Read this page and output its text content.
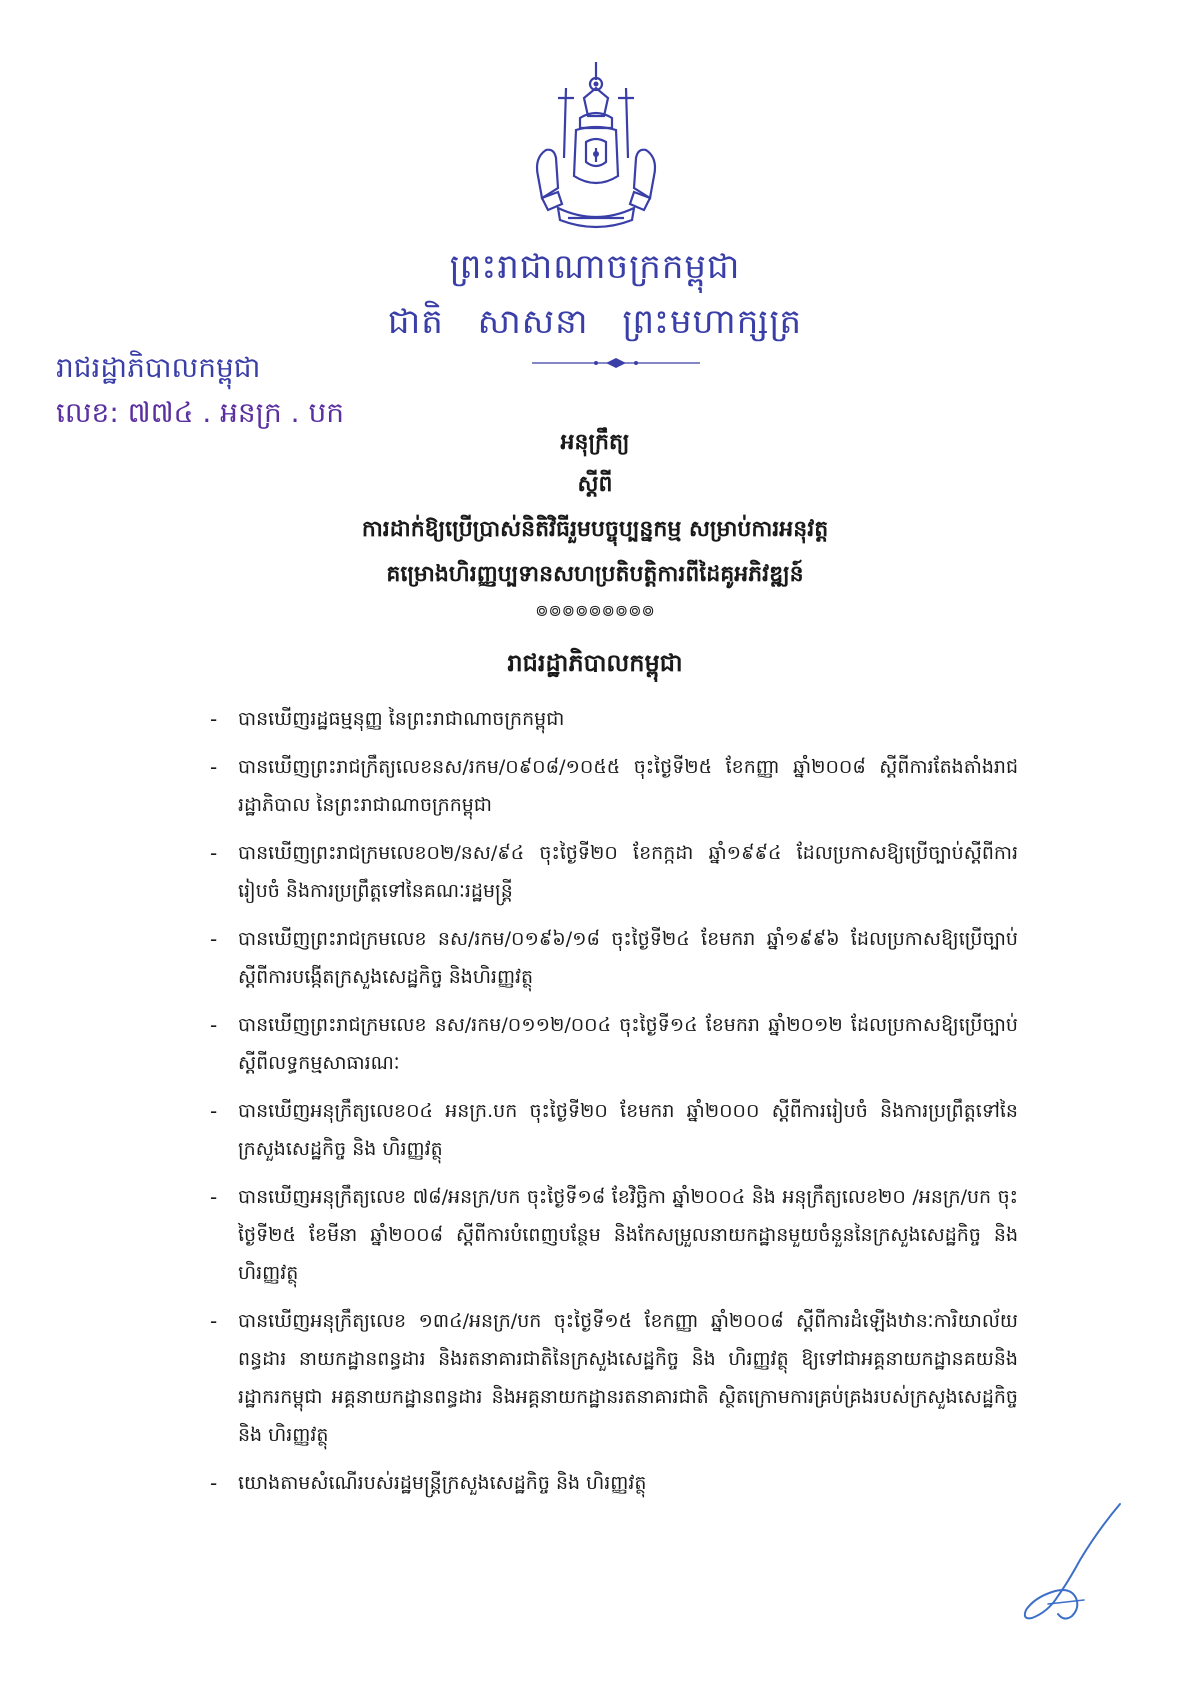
ព្រះរាជាណាចក្រកម្ពុជា
ជាតិ សាសនា ព្រះមហាក្សត្រ
រាជរដ្ឋាភិបាលកម្ពុជា
លេខ: ៧៧៤ . អនក្រ . បក
អនុក្រឹត្យ
ស្ដីពី
ការដាក់ឱ្យប្រើប្រាស់និតិវិធីរួមបច្ចុប្បន្នកម្ម សម្រាប់ការអនុវត្ត
គម្រោងហិរញ្ញប្បទានសហប្រតិបត្តិការពីដៃគូអភិវឌ្ឍន៍
៙៙៙៙៙៙៙៙៙
រាជរដ្ឋាភិបាលកម្ពុជា
- បានឃើញរដ្ឋធម្មនុញ្ញ នៃព្រះរាជាណាចក្រកម្ពុជា
- បានឃើញព្រះរាជក្រឹត្យលេខនស/រកម/០៩០៨/១០៥៥ ចុះថ្ងៃទី២៥ ខែកញ្ញា ឆ្នាំ២០០៨ ស្ដីពីការតែងតាំងរាជរដ្ឋាភិបាល នៃព្រះរាជាណាចក្រកម្ពុជា
- បានឃើញព្រះរាជក្រមលេខ០២/នស/៩៤ ចុះថ្ងៃទី២០ ខែកក្កដា ឆ្នាំ១៩៩៤ ដែលប្រកាសឱ្យប្រើច្បាប់ស្ដីពីការរៀបចំ និងការប្រព្រឹត្តទៅនៃគណៈរដ្ឋមន្ត្រី
- បានឃើញព្រះរាជក្រមលេខ នស/រកម/០១៩៦/១៨ ចុះថ្ងៃទី២៤ ខែមករា ឆ្នាំ១៩៩៦ ដែលប្រកាសឱ្យប្រើច្បាប់ស្ដីពីការបង្កើតក្រសួងសេដ្ឋកិច្ច និងហិរញ្ញវត្ថុ
- បានឃើញព្រះរាជក្រមលេខ នស/រកម/០១១២/០០៤ ចុះថ្ងៃទី១៤ ខែមករា ឆ្នាំ២០១២ ដែលប្រកាសឱ្យប្រើច្បាប់ស្ដីពីលទ្ធកម្មសាធារណៈ
- បានឃើញអនុក្រឹត្យលេខ០៤ អនក្រ.បក ចុះថ្ងៃទី២០ ខែមករា ឆ្នាំ២០០០ ស្ដីពីការរៀបចំ និងការប្រព្រឹត្តទៅនៃក្រសួងសេដ្ឋកិច្ច និង ហិរញ្ញវត្ថុ
- បានឃើញអនុក្រឹត្យលេខ ៧៨/អនក្រ/បក ចុះថ្ងៃទី១៨ ខែវិច្ឆិកា ឆ្នាំ២០០៤ និង អនុក្រឹត្យលេខ២០ /អនក្រ/បក ចុះថ្ងៃទី២៥ ខែមីនា ឆ្នាំ២០០៨ ស្ដីពីការបំពេញបន្ថែម និងកែសម្រួលនាយកដ្ឋានមួយចំនួននៃក្រសួងសេដ្ឋកិច្ច និង ហិរញ្ញវត្ថុ
- បានឃើញអនុក្រឹត្យលេខ ១៣៤/អនក្រ/បក ចុះថ្ងៃទី១៥ ខែកញ្ញា ឆ្នាំ២០០៨ ស្ដីពីការដំឡើងឋានៈការិយាល័យពន្ធដារ នាយកដ្ឋានពន្ធដារ និងរតនាគារជាតិនៃក្រសួងសេដ្ឋកិច្ច និង ហិរញ្ញវត្ថុ ឱ្យទៅជាអគ្គនាយកដ្ឋានគយនិងរដ្ឋាករកម្ពុជា អគ្គនាយកដ្ឋានពន្ធដារ និងអគ្គនាយកដ្ឋានរតនាគារជាតិ ស្ថិតក្រោមការគ្រប់គ្រងរបស់ក្រសួងសេដ្ឋកិច្ច និង ហិរញ្ញវត្ថុ
- យោងតាមសំណើរបស់រដ្ឋមន្ត្រីក្រសួងសេដ្ឋកិច្ច និង ហិរញ្ញវត្ថុ
